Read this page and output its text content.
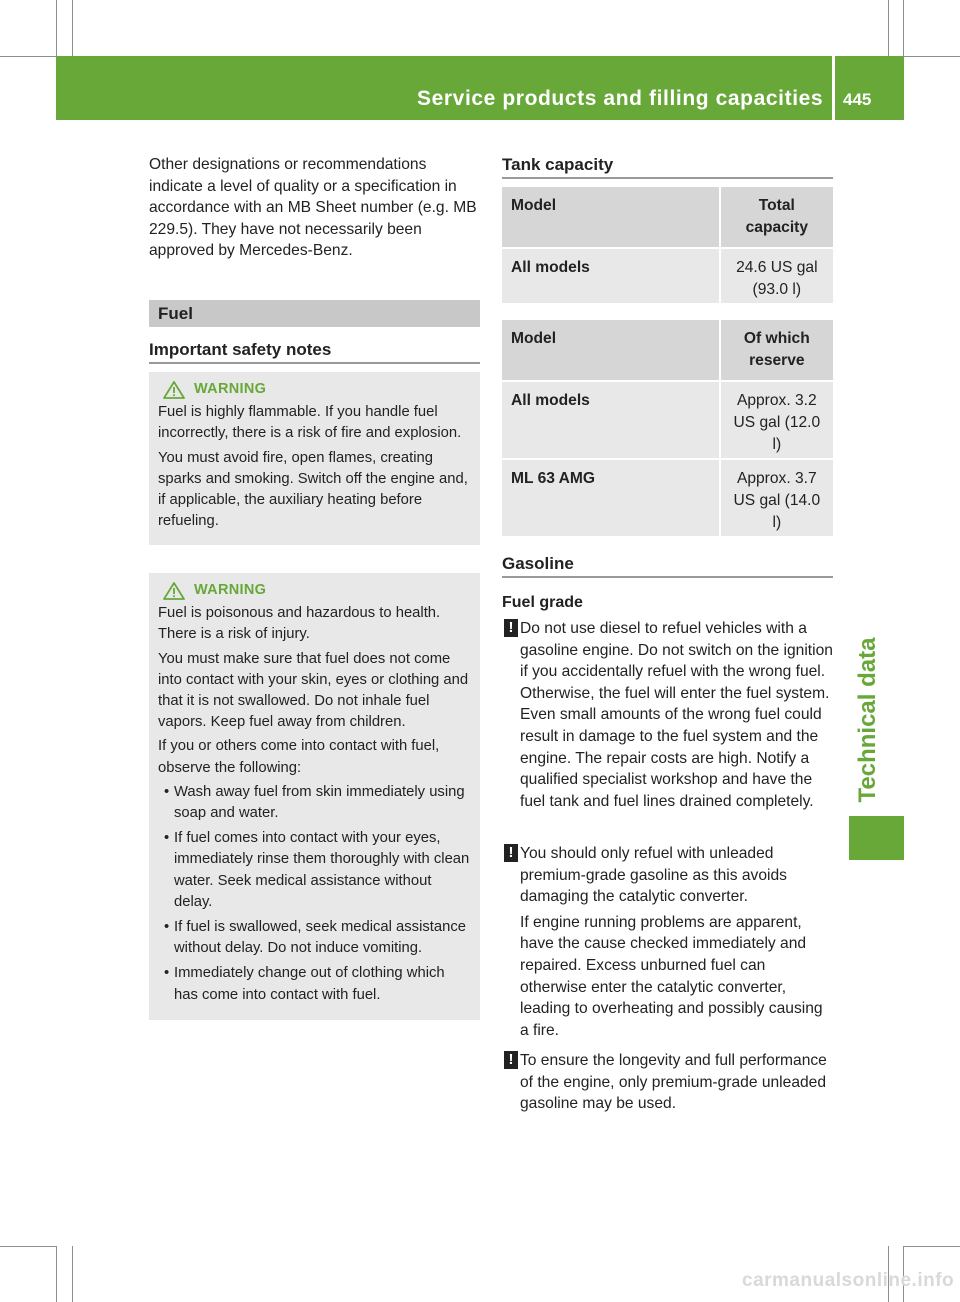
Service products and filling capacities 445
Technical data
Other designations or recommendations indicate a level of quality or a specification in accordance with an MB Sheet number (e.g. MB 229.5). They have not necessarily been approved by Mercedes-Benz.
Fuel
Important safety notes
WARNING

Fuel is highly flammable. If you handle fuel incorrectly, there is a risk of fire and explosion.

You must avoid fire, open flames, creating sparks and smoking. Switch off the engine and, if applicable, the auxiliary heating before refueling.

WARNING

Fuel is poisonous and hazardous to health. There is a risk of injury.

You must make sure that fuel does not come into contact with your skin, eyes or clothing and that it is not swallowed. Do not inhale fuel vapors. Keep fuel away from children.

If you or others come into contact with fuel, observe the following:

• Wash away fuel from skin immediately using soap and water.
• If fuel comes into contact with your eyes, immediately rinse them thoroughly with clean water. Seek medical assistance without delay.
• If fuel is swallowed, seek medical assistance without delay. Do not induce vomiting.
• Immediately change out of clothing which has come into contact with fuel.
Tank capacity
Model	Total capacity
All models	24.6 US gal (93.0 l)
Model	Of which reserve
All models	Approx. 3.2 US gal (12.0 l)
ML 63 AMG	Approx. 3.7 US gal (14.0 l)
Gasoline
Fuel grade
! Do not use diesel to refuel vehicles with a gasoline engine. Do not switch on the ignition if you accidentally refuel with the wrong fuel. Otherwise, the fuel will enter the fuel system. Even small amounts of the wrong fuel could result in damage to the fuel system and the engine. The repair costs are high. Notify a qualified specialist workshop and have the fuel tank and fuel lines drained completely.

! You should only refuel with unleaded premium-grade gasoline as this avoids damaging the catalytic converter.

If engine running problems are apparent, have the cause checked immediately and repaired. Excess unburned fuel can otherwise enter the catalytic converter, leading to overheating and possibly causing a fire.

! To ensure the longevity and full performance of the engine, only premium-grade unleaded gasoline may be used.

carmanualsonline.info
